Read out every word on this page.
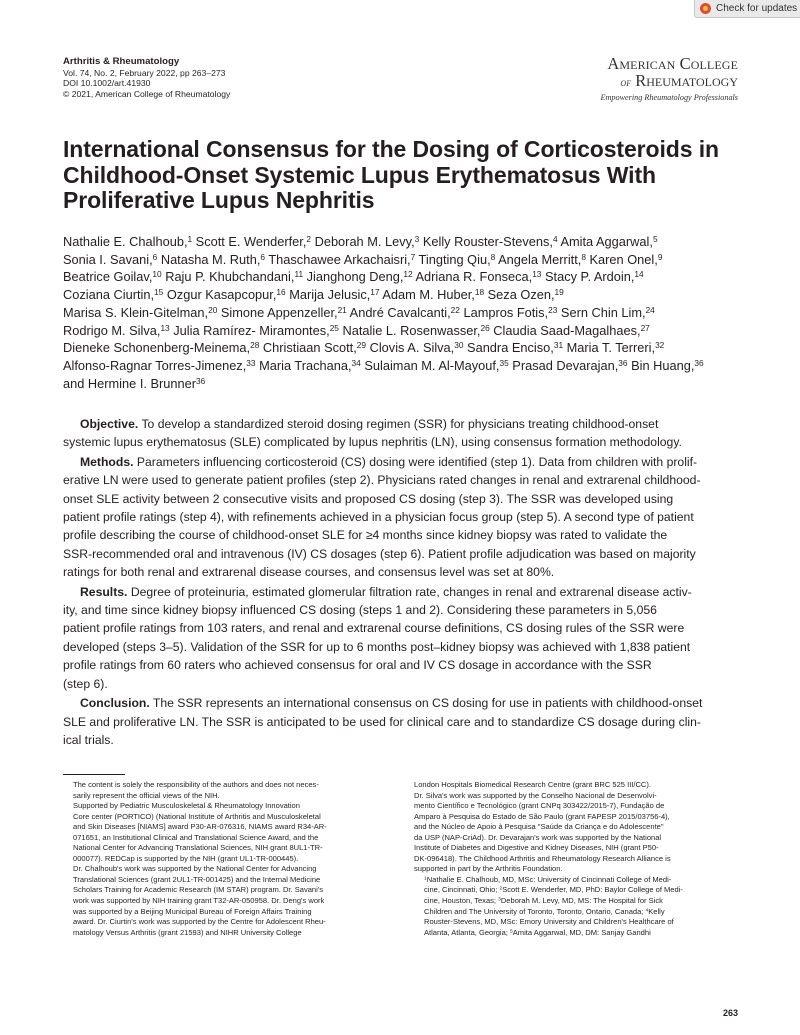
Check for updates
Arthritis & Rheumatology
Vol. 74, No. 2, February 2022, pp 263–273
DOI 10.1002/art.41930
© 2021, American College of Rheumatology
American College
of Rheumatology
Empowering Rheumatology Professionals
International Consensus for the Dosing of Corticosteroids in Childhood-Onset Systemic Lupus Erythematosus With Proliferative Lupus Nephritis

Nathalie E. Chalhoub,$^1$ Scott E. Wenderfer,$^2$ Deborah M. Levy,$^3$ Kelly Rouster-Stevens,$^4$ Amita Aggarwal,$^5$

Sonia I. Savani,$^6$ Natasha M. Ruth,$^6$ Thaschawee Arkachaisri,$^7$ Tingting Qiu,$^8$ Angela Merritt,$^8$ Karen Onel,$^9$

Beatrice Goilav,$^{10}$ Raju P. Khubchandani,$^{11}$ Jianghong Deng,$^{12}$ Adriana R. Fonseca,$^{13}$ Stacy P. Ardoin,$^{14}$

Coziana Ciurtin,$^{15}$ Ozgur Kasapcopur,$^{16}$ Marija Jelusic,$^{17}$ Adam M. Huber,$^{18}$ Seza Ozen,$^{19}$

Marisa S. Klein-Gitelman,$^{20}$ Simone Appenzeller,$^{21}$ André Cavalcanti,$^{22}$ Lampros Fotis,$^{23}$ Sern Chin Lim,$^{24}$

Rodrigo M. Silva,$^{13}$ Julia Ramírez- Miramontes,$^{25}$ Natalie L. Rosenwasser,$^{26}$ Claudia Saad-Magalhaes,$^{27}$

Dieneke Schonenberg-Meinema,$^{28}$ Christiaan Scott,$^{29}$ Clovis A. Silva,$^{30}$ Sandra Enciso,$^{31}$ Maria T. Terreri,$^{32}$

Alfonso-Ragnar Torres-Jimenez,$^{33}$ Maria Trachana,$^{34}$ Sulaiman M. Al-Mayouf,$^{35}$ Prasad Devarajan,$^{36}$ Bin Huang,$^{36}$

and Hermine I. Brunner$^{36}$

Objective. To develop a standardized steroid dosing regimen (SSR) for physicians treating childhood-onset
systemic lupus erythematosus (SLE) complicated by lupus nephritis (LN), using consensus formation methodology.

Methods. Parameters influencing corticosteroid (CS) dosing were identified (step 1). Data from children with prolif-
erative LN were used to generate patient profiles (step 2). Physicians rated changes in renal and extrarenal childhood-
onset SLE activity between 2 consecutive visits and proposed CS dosing (step 3). The SSR was developed using
patient profile ratings (step 4), with refinements achieved in a physician focus group (step 5). A second type of patient
profile describing the course of childhood-onset SLE for ≥4 months since kidney biopsy was rated to validate the
SSR-recommended oral and intravenous (IV) CS dosages (step 6). Patient profile adjudication was based on majority
ratings for both renal and extrarenal disease courses, and consensus level was set at 80%.

Results. Degree of proteinuria, estimated glomerular filtration rate, changes in renal and extrarenal disease activ-
ity, and time since kidney biopsy influenced CS dosing (steps 1 and 2). Considering these parameters in 5,056
patient profile ratings from 103 raters, and renal and extrarenal course definitions, CS dosing rules of the SSR were
developed (steps 3–5). Validation of the SSR for up to 6 months post–kidney biopsy was achieved with 1,838 patient
profile ratings from 60 raters who achieved consensus for oral and IV CS dosage in accordance with the SSR
(step 6).

Conclusion. The SSR represents an international consensus on CS dosing for use in patients with childhood-onset
SLE and proliferative LN. The SSR is anticipated to be used for clinical care and to standardize CS dosage during clin-
ical trials.

The content is solely the responsibility of the authors and does not neces-
sarily represent the official views of the NIH.

Supported by Pediatric Musculoskeletal & Rheumatology Innovation
Core center (PORTICO) (National Institute of Arthritis and Musculoskeletal
and Skin Diseases [NIAMS] award P30-AR-076316, NIAMS award R34-AR-
071651, an Institutional Clinical and Translational Science Award, and the
National Center for Advancing Translational Sciences, NIH grant 8UL1-TR-
000077). REDCap is supported by the NIH (grant UL1-TR-000445).
Dr. Chalhoub's work was supported by the National Center for Advancing
Translational Sciences (grant 2UL1-TR-001425) and the Internal Medicine
Scholars Training for Academic Research (IM STAR) program. Dr. Savani's
work was supported by NIH training grant T32-AR-050958. Dr. Deng's work
was supported by a Beijing Municipal Bureau of Foreign Affairs Training
award. Dr. Ciurtin's work was supported by the Centre for Adolescent Rheu-
matology Versus Arthritis (grant 21593) and NIHR University College

London Hospitals Biomedical Research Centre (grant BRC 525 III/CC).
Dr. Silva's work was supported by the Conselho Nacional de Desenvolvi-
mento Científico e Tecnológico (grant CNPq 303422/2015-7), Fundação de
Amparo à Pesquisa do Estado de São Paulo (grant FAPESP 2015/03756-4),
and the Núcleo de Apoio à Pesquisa "Saúde da Criança e do Adolescente"
da USP (NAP-CriAd). Dr. Devarajan's work was supported by the National
Institute of Diabetes and Digestive and Kidney Diseases, NIH (grant P50-
DK-096418). The Childhood Arthritis and Rheumatology Research Alliance is
supported in part by the Arthritis Foundation.

$^1$Nathalie E. Chalhoub, MD, MSc: University of Cincinnati College of Medi-
cine, Cincinnati, Ohio; $^2$Scott E. Wenderfer, MD, PhD: Baylor College of Medi-
cine, Houston, Texas; $^3$Deborah M. Levy, MD, MS: The Hospital for Sick
Children and The University of Toronto, Toronto, Ontario, Canada; $^4$Kelly
Rouster-Stevens, MD, MSc: Emory University and Children's Healthcare of
Atlanta, Atlanta, Georgia; $^5$Amita Aggarwal, MD, DM: Sanjay Gandhi

263
